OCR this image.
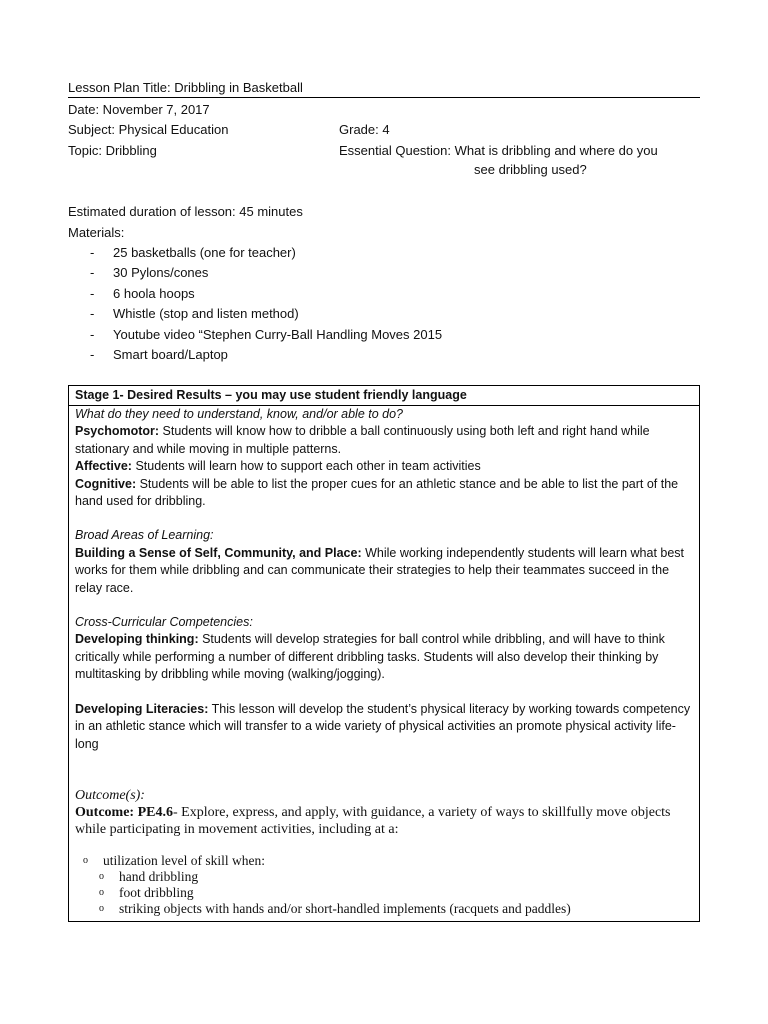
Lesson Plan Title: Dribbling in Basketball
Date: November 7, 2017
Subject: Physical Education	Grade: 4
Topic: Dribbling	Essential Question: What is dribbling and where do you
see dribbling used?
Estimated duration of lesson: 45 minutes
Materials:
- 25 basketballs (one for teacher)
- 30 Pylons/cones
- 6 hoola hoops
- Whistle (stop and listen method)
- Youtube video “Stephen Curry-Ball Handling Moves 2015
- Smart board/Laptop
Stage 1- Desired Results – you may use student friendly language
What do they need to understand, know, and/or able to do?
Psychomotor: Students will know how to dribble a ball continuously using both left and right hand while stationary and while moving in multiple patterns.
Affective: Students will learn how to support each other in team activities
Cognitive: Students will be able to list the proper cues for an athletic stance and be able to list the part of the hand used for dribbling.
Broad Areas of Learning:
Building a Sense of Self, Community, and Place: While working independently students will learn what best works for them while dribbling and can communicate their strategies to help their teammates succeed in the relay race.
Cross-Curricular Competencies:
Developing thinking: Students will develop strategies for ball control while dribbling, and will have to think critically while performing a number of different dribbling tasks. Students will also develop their thinking by multitasking by dribbling while moving (walking/jogging).
Developing Literacies: This lesson will develop the student’s physical literacy by working towards competency in an athletic stance which will transfer to a wide variety of physical activities an promote physical activity life-long
Outcome(s):
Outcome: PE4.6- Explore, express, and apply, with guidance, a variety of ways to skillfully move objects while participating in movement activities, including at a:
o utilization level of skill when:
o hand dribbling
o foot dribbling
o striking objects with hands and/or short-handled implements (racquets and paddles)
